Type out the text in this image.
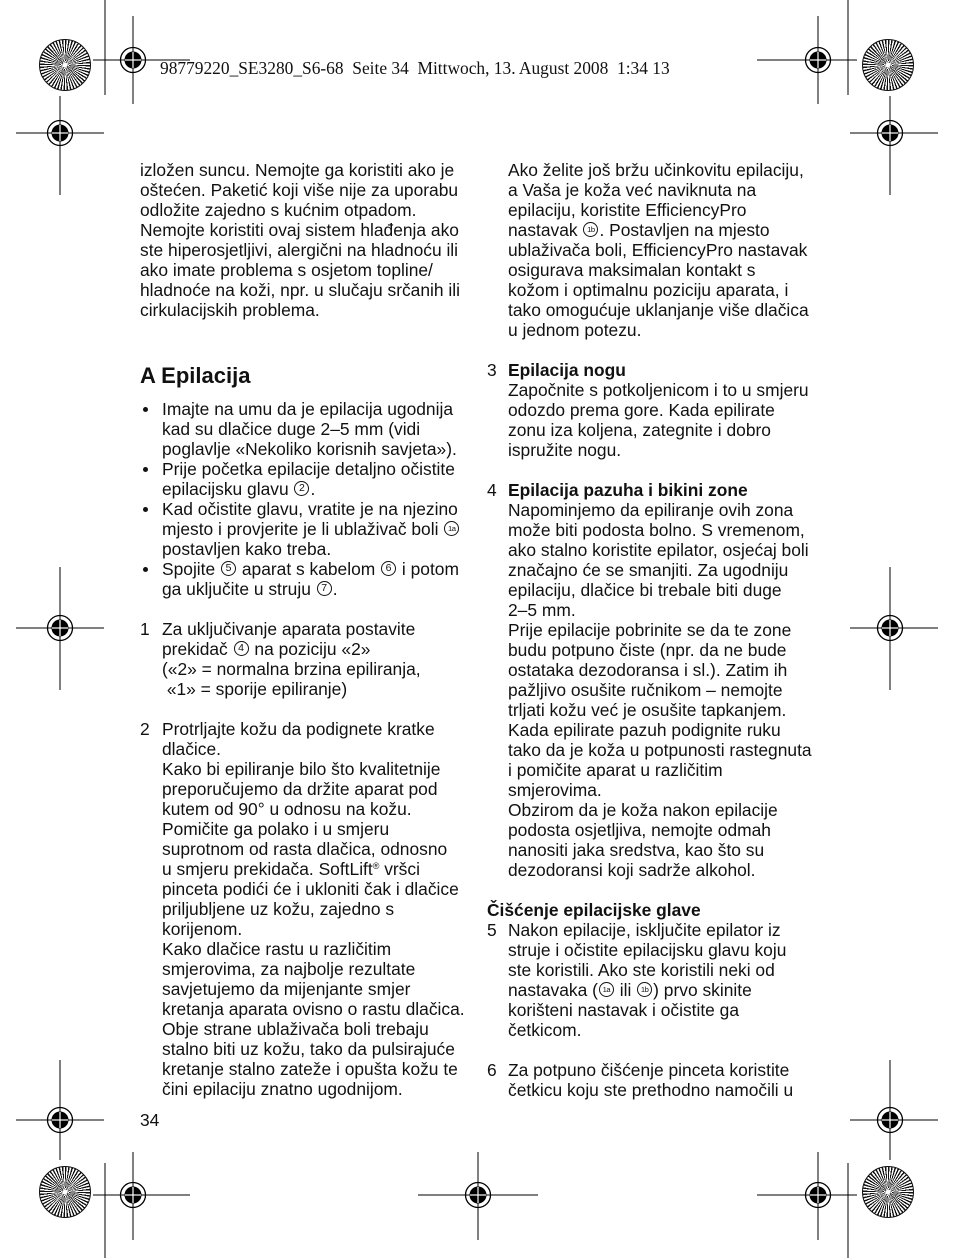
98779220_SE3280_S6-68  Seite 34  Mittwoch, 13. August 2008  1:34 13
izložen suncu. Nemojte ga koristiti ako je
oštećen. Paketić koji više nije za uporabu
odložite zajedno s kućnim otpadom.
Nemojte koristiti ovaj sistem hlađenja ako
ste hiperosjetljivi, alergični na hladnoću ili
ako imate problema s osjetom topline/
hladnoće na koži, npr. u slučaju srčanih ili
cirkulacijskih problema.
A Epilacija
Imajte na umu da je epilacija ugodnija
kad su dlačice duge 2–5 mm (vidi
poglavlje «Nekoliko korisnih savjeta»).
Prije početka epilacije detaljno očistite
epilacijsku glavu 2 .
Kad očistite glavu, vratite je na njezino
mjesto i provjerite je li ublaživač boli 1a
postavljen kako treba.
Spojite 5 aparat s kabelom 6 i potom
ga uključite u struju 7 .
1 Za uključivanje aparata postavite
prekidač 4 na poziciju «2»
(«2» = normalna brzina epiliranja,
«1» = sporije epiliranje)
2 Protrljajte kožu da podignete kratke
dlačice.
Kako bi epiliranje bilo što kvalitetnije
preporučujemo da držite aparat pod
kutem od 90° u odnosu na kožu.
Pomičite ga polako i u smjeru
suprotnom od rasta dlačica, odnosno
u smjeru prekidača. SoftLift® vršci
pinceta podići će i ukloniti čak i dlačice
priljubljene uz kožu, zajedno s
korijenom.
Kako dlačice rastu u različitim
smjerovima, za najbolje rezultate
savjetujemo da mijenjante smjer
kretanja aparata ovisno o rastu dlačica.
Obje strane ublaživača boli trebaju
stalno biti uz kožu, tako da pulsirajuće
kretanje stalno zateže i opušta kožu te
čini epilaciju znatno ugodnijom.
Ako želite još bržu učinkovitu epilaciju,
a Vaša je koža već naviknuta na
epilaciju, koristite EfficiencyPro
nastavak 1b . Postavljen na mjesto
ublaživača boli, EfficiencyPro nastavak
osigurava maksimalan kontakt s
kožom i optimalnu poziciju aparata, i
tako omogućuje uklanjanje više dlačica
u jednom potezu.
3 Epilacija nogu
Započnite s potkoljenicom i to u smjeru
odozdo prema gore. Kada epilirate
zonu iza koljena, zategnite i dobro
ispružite nogu.
4 Epilacija pazuha i bikini zone
Napominjemo da epiliranje ovih zona
može biti podosta bolno. S vremenom,
ako stalno koristite epilator, osjećaj boli
značajno će se smanjiti. Za ugodniju
epilaciju, dlačice bi trebale biti duge
2–5 mm.
Prije epilacije pobrinite se da te zone
budu potpuno čiste (npr. da ne bude
ostataka dezodoransa i sl.). Zatim ih
pažljivo osušite ručnikom – nemojte
trljati kožu već je osušite tapkanjem.
Kada epilirate pazuh podignite ruku
tako da je koža u potpunosti rastegnuta
i pomičite aparat u različitim
smjerovima.
Obzirom da je koža nakon epilacije
podosta osjetljiva, nemojte odmah
nanositi jaka sredstva, kao što su
dezodoransi koji sadrže alkohol.
Čišćenje epilacijske glave
5 Nakon epilacije, isključite epilator iz
struje i očistite epilacijsku glavu koju
ste koristili. Ako ste koristili neki od
nastavaka ( 1a ili 1b ) prvo skinite
korišteni nastavak i očistite ga
četkicom.
6 Za potpuno čišćenje pinceta koristite
četkicu koju ste prethodno namočili u
34
